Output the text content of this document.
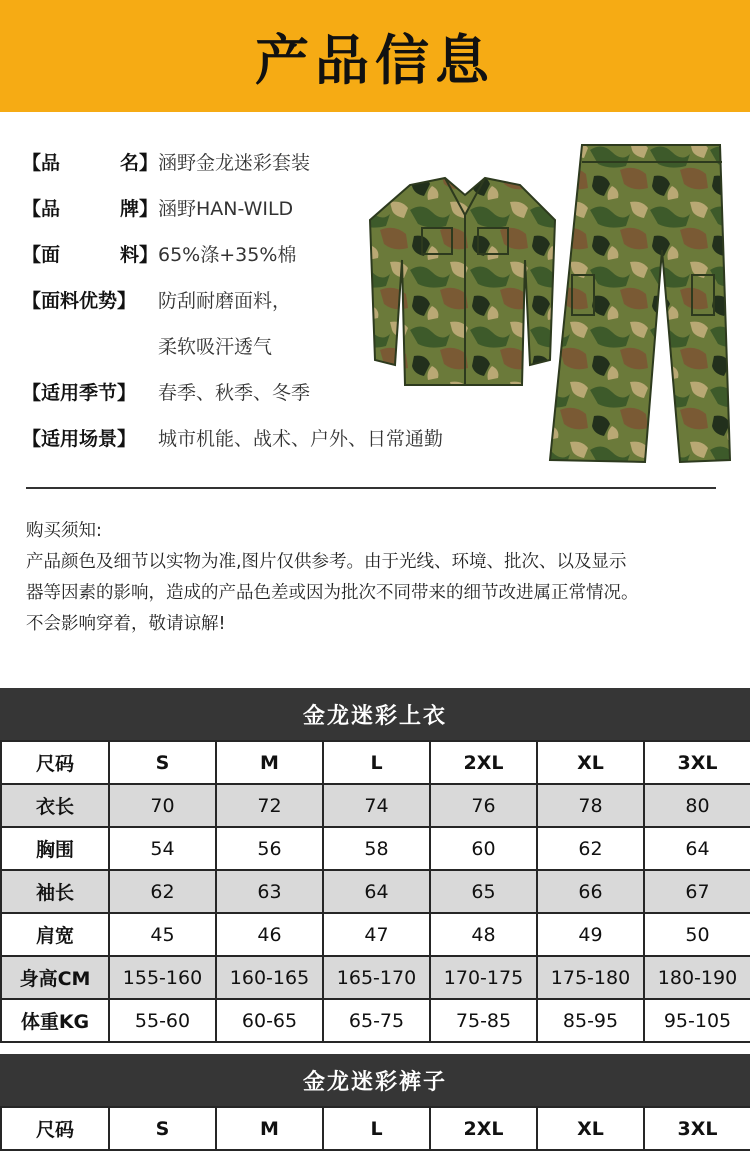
产品信息
【品	名】 涵野金龙迷彩套装
【品	牌】 涵野HAN-WILD
【面	料】 65%涤+35%棉
【面料优势】 防刮耐磨面料，
柔软吸汗透气
【适用季节】 春季、秋季、冬季
【适用场景】 城市机能、战术、户外、日常通勤
购买须知:
产品颜色及细节以实物为准,图片仅供参考。由于光线、环境、批次、以及显示
器等因素的影响，造成的产品色差或因为批次不同带来的细节改进属正常情况。
不会影响穿着，敬请谅解!
金龙迷彩上衣
尺码	S	M	L	2XL	XL	3XL
衣长	70	72	74	76	78	80
胸围	54	56	58	60	62	64
袖长	62	63	64	65	66	67
肩宽	45	46	47	48	49	50
身高CM	155-160	160-165	165-170	170-175	175-180	180-190
体重KG	55-60	60-65	65-75	75-85	85-95	95-105
金龙迷彩裤子
尺码	S	M	L	2XL	XL	3XL
